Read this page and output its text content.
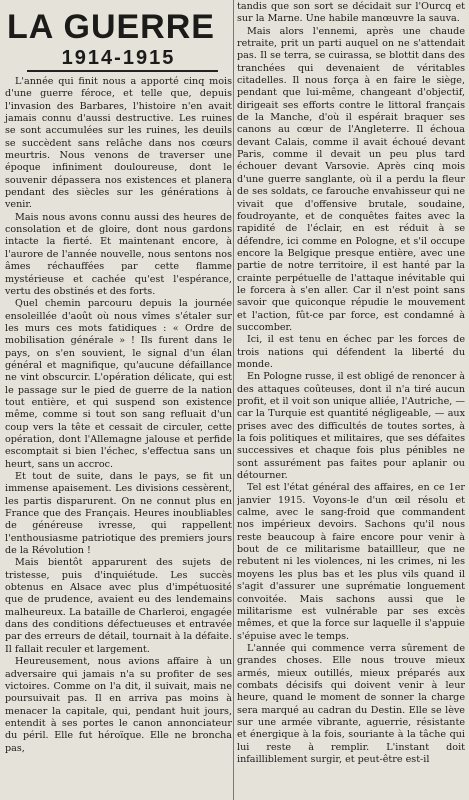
LA GUERRE
1914-1915

L'année qui finit nous a apporté cinq mois d'une guerre féroce, et telle que, depuis l'invasion des Barbares, l'histoire n'en avait jamais connu d'aussi destructive. Les ruines se sont accumulées sur les ruines, les deuils se succèdent sans relâche dans nos cœurs meurtris. Nous venons de traverser une époque infiniment douloureuse, dont le souvenir dépassera nos existences et planera pendant des siècles sur les générations à venir.

Mais nous avons connu aussi des heures de consolation et de gloire, dont nous gardons intacte la fierté. Et maintenant encore, à l'aurore de l'année nouvelle, nous sentons nos âmes réchauffées par cette flamme mystérieuse et cachée qu'est l'espérance, vertu des obstinés et des forts.

Quel chemin parcouru depuis la journée ensoleillée d'août où nous vîmes s'étaler sur les murs ces mots fatidiques : « Ordre de mobilisation générale » ! Ils furent dans le pays, on s'en souvient, le signal d'un élan général et magnifique, qu'aucune défaillance ne vint obscurcir. L'opération délicate, qui est le passage sur le pied de guerre de la nation tout entière, et qui suspend son existence même, comme si tout son sang refluait d'un coup vers la tête et cessait de circuler, cette opération, dont l'Allemagne jalouse et perfide escomptait si bien l'échec, s'effectua sans un heurt, sans un accroc.

Et tout de suite, dans le pays, se fit un immense apaisement. Les divisions cessèrent, les partis disparurent. On ne connut plus en France que des Français. Heures inoubliables de généreuse ivresse, qui rappellent l'enthousiasme patriotique des premiers jours de la Révolution !

Mais bientôt apparurent des sujets de tristesse, puis d'inquiétude. Les succès obtenus en Alsace avec plus d'impétuosité que de prudence, avaient eu des lendemains malheureux. La bataille de Charleroi, engagée dans des conditions défectueuses et entravée par des erreurs de détail, tournait à la défaite. Il fallait reculer et largement.

Heureusement, nous avions affaire à un adversaire qui jamais n'a su profiter de ses victoires. Comme on l'a dit, il suivait, mais ne poursuivait pas. Il en arriva pas moins à menacer la capitale, qui, pendant huit jours, entendit à ses portes le canon annonciateur du péril. Elle fut héroïque. Elle ne broncha pas,

tandis que son sort se décidait sur l'Ourcq et sur la Marne. Une habile manœuvre la sauva.

Mais alors l'ennemi, après une chaude retraite, prit un parti auquel on ne s'attendait pas. Il se terra, se cuirassa, se blottit dans des tranchées qui devenaient de véritables citadelles. Il nous força à en faire le siège, pendant que lui-même, changeant d'objectif, dirigeait ses efforts contre le littoral français de la Manche, d'où il espérait braquer ses canons au cœur de l'Angleterre. Il échoua devant Calais, comme il avait échoué devant Paris, comme il devait un peu plus tard échouer devant Varsovie. Après cinq mois d'une guerre sanglante, où il a perdu la fleur de ses soldats, ce farouche envahisseur qui ne vivait que d'offensive brutale, soudaine, foudroyante, et de conquêtes faites avec la rapidité de l'éclair, en est réduit à se défendre, ici comme en Pologne, et s'il occupe encore la Belgique presque entière, avec une partie de notre territoire, il est hanté par la crainte perpétuelle de l'attaque inévitable qui le forcera à s'en aller. Car il n'est point sans savoir que quiconque répudie le mouvement et l'action, fût-ce par force, est condamné à succomber.

Ici, il est tenu en échec par les forces de trois nations qui défendent la liberté du monde.

En Pologne russe, il est obligé de renoncer à des attaques coûteuses, dont il n'a tiré aucun profit, et il voit son unique alliée, l'Autriche, — car la Turquie est quantité négligeable, — aux prises avec des difficultés de toutes sortes, à la fois politiques et militaires, que ses défaites successives et chaque fois plus pénibles ne sont assurément pas faites pour aplanir ou détourner.

Tel est l'état général des affaires, en ce 1er janvier 1915. Voyons-le d'un œil résolu et calme, avec le sang-froid que commandent nos impérieux devoirs. Sachons qu'il nous reste beaucoup à faire encore pour venir à bout de ce militarisme bataillleur, que ne rebutent ni les violences, ni les crimes, ni les moyens les plus bas et les plus vils quand il s'agit d'assurer une suprématie longuement convoitée. Mais sachons aussi que le militarisme est vulnérable par ses excès mêmes, et que la force sur laquelle il s'appuie s'épuise avec le temps.

L'année qui commence verra sûrement de grandes choses. Elle nous trouve mieux armés, mieux outillés, mieux préparés aux combats décisifs qui doivent venir à leur heure, quand le moment de sonner la charge sera marqué au cadran du Destin. Elle se lève sur une armée vibrante, aguerrie, résistante et énergique à la fois, souriante à la tâche qui lui reste à remplir. L'instant doit infailliblement surgir, et peut-être est-il
